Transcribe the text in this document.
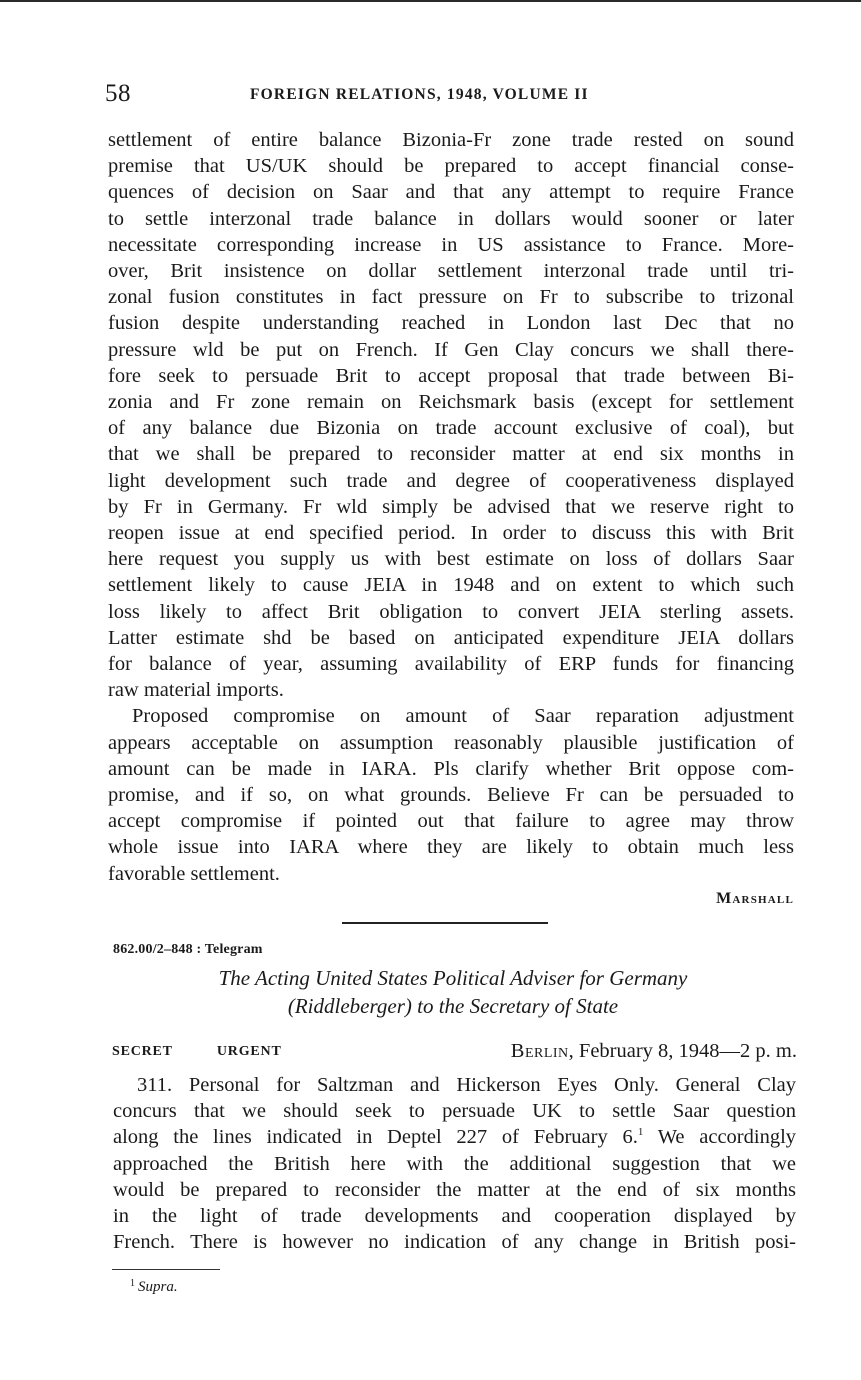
58	FOREIGN RELATIONS, 1948, VOLUME II
settlement of entire balance Bizonia-Fr zone trade rested on sound
premise that US/UK should be prepared to accept financial conse-
quences of decision on Saar and that any attempt to require France
to settle interzonal trade balance in dollars would sooner or later
necessitate corresponding increase in US assistance to France. More-
over, Brit insistence on dollar settlement interzonal trade until tri-
zonal fusion constitutes in fact pressure on Fr to subscribe to trizonal
fusion despite understanding reached in London last Dec that no
pressure wld be put on French. If Gen Clay concurs we shall there-
fore seek to persuade Brit to accept proposal that trade between Bi-
zonia and Fr zone remain on Reichsmark basis (except for settlement
of any balance due Bizonia on trade account exclusive of coal), but
that we shall be prepared to reconsider matter at end six months in
light development such trade and degree of cooperativeness displayed
by Fr in Germany. Fr wld simply be advised that we reserve right to
reopen issue at end specified period. In order to discuss this with Brit
here request you supply us with best estimate on loss of dollars Saar
settlement likely to cause JEIA in 1948 and on extent to which such
loss likely to affect Brit obligation to convert JEIA sterling assets.
Latter estimate shd be based on anticipated expenditure JEIA dollars
for balance of year, assuming availability of ERP funds for financing
raw material imports.
Proposed compromise on amount of Saar reparation adjustment
appears acceptable on assumption reasonably plausible justification of
amount can be made in IARA. Pls clarify whether Brit oppose com-
promise, and if so, on what grounds. Believe Fr can be persuaded to
accept compromise if pointed out that failure to agree may throw
whole issue into IARA where they are likely to obtain much less
favorable settlement.
Marshall
862.00/2–848 : Telegram
The Acting United States Political Adviser for Germany
(Riddleberger) to the Secretary of State
SECRET	URGENT	Berlin, February 8, 1948—2 p. m.
311. Personal for Saltzman and Hickerson Eyes Only. General Clay
concurs that we should seek to persuade UK to settle Saar question
along the lines indicated in Deptel 227 of February 6.$^1$ We accordingly
approached the British here with the additional suggestion that we
would be prepared to reconsider the matter at the end of six months
in the light of trade developments and cooperation displayed by
French. There is however no indication of any change in British posi-
$^1$ Supra.
